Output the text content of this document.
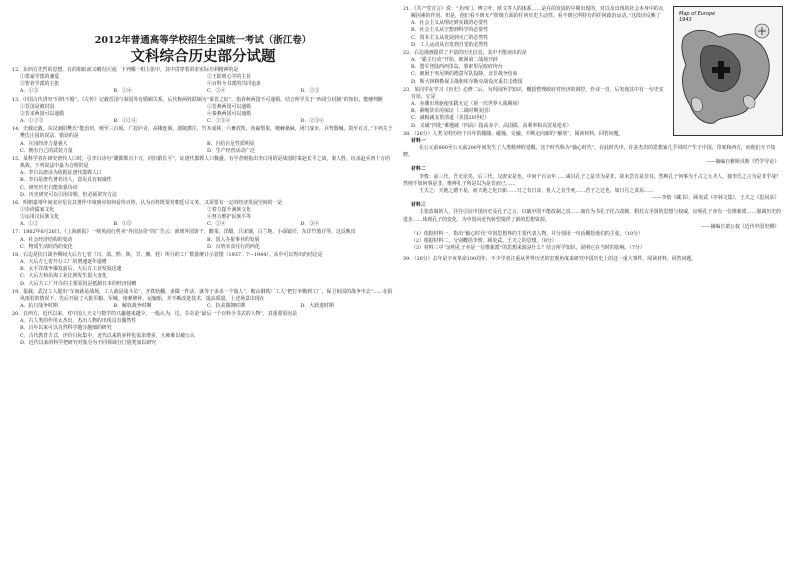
2012年普通高等学校招生全国统一考试（浙江卷）
文科综合历史部分试题
12．东西方先哲的思想，有的相似而又略有区别，下列哪一组主张中，其中贯穿着讲求实际功利精神的是
①墨家学派的兼爱	②王阳明心学的主旨
③智者学派的主张	④百科全书派的共同追求
A．①③	B．②④	C．①④	D．②③
13．中国古代讲究“同姓不婚”。《左传》记载晋国与秦国等有婚姻关系，后代称两姓联姻为“秦晋之好”，指春秋两国不可通婚。结合所学关于“西周分封制”的知识，能够判断
①晋国是被封国	②晋燕两国可以通婚
③晋宋两国可以通婚	④秦燕两国可以通婚
A．①②③	B．①②④	C．①③④	D．②③④
14．史载记载，东汉南阳樊氏“能治田，殖至三百顷。广起庐舍，高楼连阁，波陂灌注，竹木成林，六畜放牧，鱼嬴梨果，檀棘桑麻，闭门成市，兵弩器械，资至百万。”下列关于樊氏庄园的说法，错误的是
A．庄园经济力量强大	B．自给自足性质明显
C．拥有自己的武装力量	D．生产经营活动广泛
15．某科学者在研究唐代人口时，引李白诗句“溉邯郸百十万，同归陷长平”，证唐代邯郸人口极盛。有学者则指出李白用的是战国时秦赵长平之战，秦人胜，坑杀赵兵四十万的典故。下列说法中最为合理的是
A．李白以唐诗为依据证唐代邯郸人口
B．李白是唐代著名诗人，意见具有权威性
C．研究历史只能依靠诗词
D．历史研究可以引用诗歌，但必须讲究方法
16．明朝嘉靖年间宋应星在其著作中谈到应如何看待百姓，认为百姓既要对朝廷尽义务，又需要有一定的经济发展空间的一是
①崇尚儒家文化	②着力提升满族文化
③运用汉民族文化	④努力维护民族平等
A．①②	B．①③	C．②④	D．③④
17．1862年6月26日，《上海新报》一则英商行售卖“外国杂货”的广告云：新到外国饼干，酸菜，洋醋，吕宋烟，白兰地，小面镜仔，东洋竹篮仔等。这反映出
A．社会经济结构的变动	B．国人办报事业的发展
C．物质生活时尚的变化	D．百姓衣食住行的西化
18．右边是抗日战争期间大后方七省（川、滇、黔、陕、甘、湘、桂）所办的工厂数量统计示意图（1937．7—1944）。从中可以得出的结论是
A．大后方七省开办工厂的增速逐年递增
B．太平洋战争爆发前后，大后方工业发展迅速
C．大后方和沿海工业比例发生很大变化
D．大后方工厂开办的主要原因是抵制日本的经济侵略
19．报载，武汉工人提出“车间就是战场，工人就是战斗员”，开铁轨翻，多做一件活，就等于多杀一个敌人”，鞍山钢铁厂工人“把打争搬到工厂，保卫祖国的战争中去”……在报风雨若的情况下，先后开展了大批军粮、军械、炮弹修补、运输船，并不断改进技术，提高质量。上述场景出现在
A．抗日战争时期	B．解放战争时期	C．抗美援朝时期	D．大跃进时期
20．在西方，近代以来，对中国人天文与数学的兴趣越来越少，一般认为，达，芬奇是“最后一个百科全书式的人物”，其重要原因是
A．古人类的作用太杰出，杰出人物的出现具有偶然性
B．百年以来可以自然科学越分越细的研究
C．古代教育方式，评价目标集中，近代以来的多样化需求增多，大师难以被公认
D．近代以来的科学把研究对象分为不同领域分门别类加以研究
Map of Europe
1943
21．《共产党宣言》说：“圣西门、傅立叶、欧文等人的体系……是在的发展的早期出现的，对以及出现的社会本身中的瓦解因素的作用。但是，他们看不到无产阶级方面的任何历史主动性、看不到它所特有的任何政治运动。”这段话反映了
A．社会主义从理论到实践的必要性
B．社会主义从空想到科学的必要性
C．资本主义从发展到灭亡的必然性
D．工人运动从自发到自觉的必然性
22．右边漫画提供了丰富的历史信息，其中不能读出的是
A．“霸主行动”开始，欧洲第二战场开辟
B．盟军登陆西西里岛，墨索里尼政府垮台
C．被困于突尼斯的德意军队投降，北非战争结束
D．斯大林格勒保卫战和库尔斯克战役沉重打击德国
23．某同学在学习《历史》必修二后，为巩固所学知识，概括整理政府对经济的调控，作诗一首。后发现其中有一句史实有误，它是
A．赤潮市场驱使实践无定（第一次世界大战期间）
B．紧缩货币用保证（二战时期美国）
C．减税减支帮清退（美国20世纪）
D．又破“四化”难题破（四高）指高赤字、高国债、高利率和高贸易逆差）
38．（26分）人类文明历经千百年的随随、碰撞、交融，不断走向新的“解放”。阅读材料，回答问题。
材料一
在公元前800至公元前200年间发生了人类精神的觉醒。这个时代称为“轴心时代”，在此时代中，许多杰出的思想家几乎同时产生于中国、印度和西方，而他们互不知晓。
——摘编自雅斯贝斯《哲学导论》
材料二
李贽：前三代，吾无论矣。后三代，汉唐宋是也。中间千百余年……咸以孔子之是非为是非，故未尝有是非耳。然则孔子何事为千古之大圣人，独李氏之言为是非乎哉？然则不如何事是非，惟辨孔子所是以为是非而已……
王夫之：天地之德不易，而天地之化日新……日之有日食，犹人之有生死……君子之过也，如日月之食焉……
——李贽《藏书》，顾炎武《亭林文集》，王夫之《思问录》
材料三
主张改制的人，往往引证中国历史及孔子之言，以破中国不能改制之说……康有为书孔子托古改制，假托古圣贤的思想与权威，证明孔子亦有一位维新派……强调历史的进步……体现孔子的变化，为中国向近代转型提供了新的思想资源。
——摘编自萧公权《近代中国史纲》
（1）依据材料一，指出“轴心时代”中国思想界的主要代表人物，并分别用一句话概括他们的主张。（10分）
（2）根据材料二，分别概括李贽、顾炎武、王夫之的思想。（9分）
（3）材料三中“证明孔子亦是一位维新派”的思想来源是什么？结合所学知识，说明它在当时的影响。（7分）
39．（26分）去年是辛亥革命100周年，不少学者注重从世界历史的宏观角度来研究中国历史上的这一重大事件。阅读材料，回答问题。
